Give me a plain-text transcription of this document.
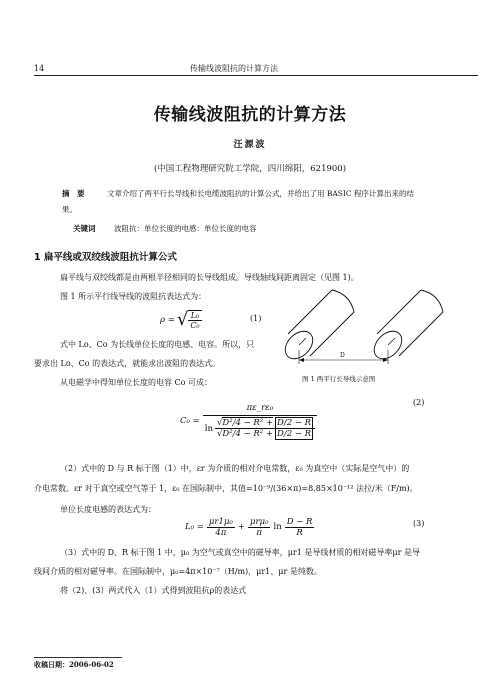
14	传输线波阻抗的计算方法
传输线波阻抗的计算方法
汪源波
(中国工程物理研究院工学院，四川绵阳，621900)
摘　要	文章介绍了两平行长导线和长电缆波阻抗的计算公式，并给出了用 BASIC 程序计算出来的结
果。
关键词 波阻抗：单位长度的电感：单位长度的电容
1 扁平线或双绞线波阻抗计算公式
扁平线与双绞线都是由两根半径相同的长导线组成。导线轴线间距离固定（见图 1)。
图 1 所示平行线导线的波阻抗表达式为：
ρ = √ $\frac{\text{L₀}}{\text{C₀}}$	(1)
式中 Lo、Co 为长线单位长度的电感、电容。所以，只
要求出 Lo、Co 的表达式，就能求出波阻的表达式。
从电磁学中得知单位长度的电容 Co 可成：
D
图 1 两平行长导线示意图
C₀ =
πε_rε₀
$\ln \frac{\text{√D²/4 − R² + D/2 − R}}{\text{√D²/4 − R² + D/2 − R}}$
(2)
（2）式中的 D 与 R 标于图（1）中，εr 为介质的相对介电常数，ε₀ 为真空中（实际是空气中）的
介电常数。εr 对于真空或空气等于 1，ε₀ 在国际制中，其值=10⁻⁹/(36×π)=8.85×10⁻¹² 法拉/米（F/m)。
单位长度电感的表达式为：
$L_0 = \frac{\text{μr1μ₀}}{4\pi} + \frac{\text{μrμ₀}}{\pi}$ $\ln \frac{D - R}{R}$	(3)
（3）式中的 D、R 标于图 1 中，μ₀ 为空气或真空中的磁导率，μr1 是导线材质的相对磁导率μr 是导
线间介质的相对磁导率。在国际制中，μ₀=4π×10⁻⁷（H/m)，μr1、μr 是纯数。
将（2)、(3）两式代入（1）式得到波阻抗ρ的表达式
收稿日期：2006-06-02
